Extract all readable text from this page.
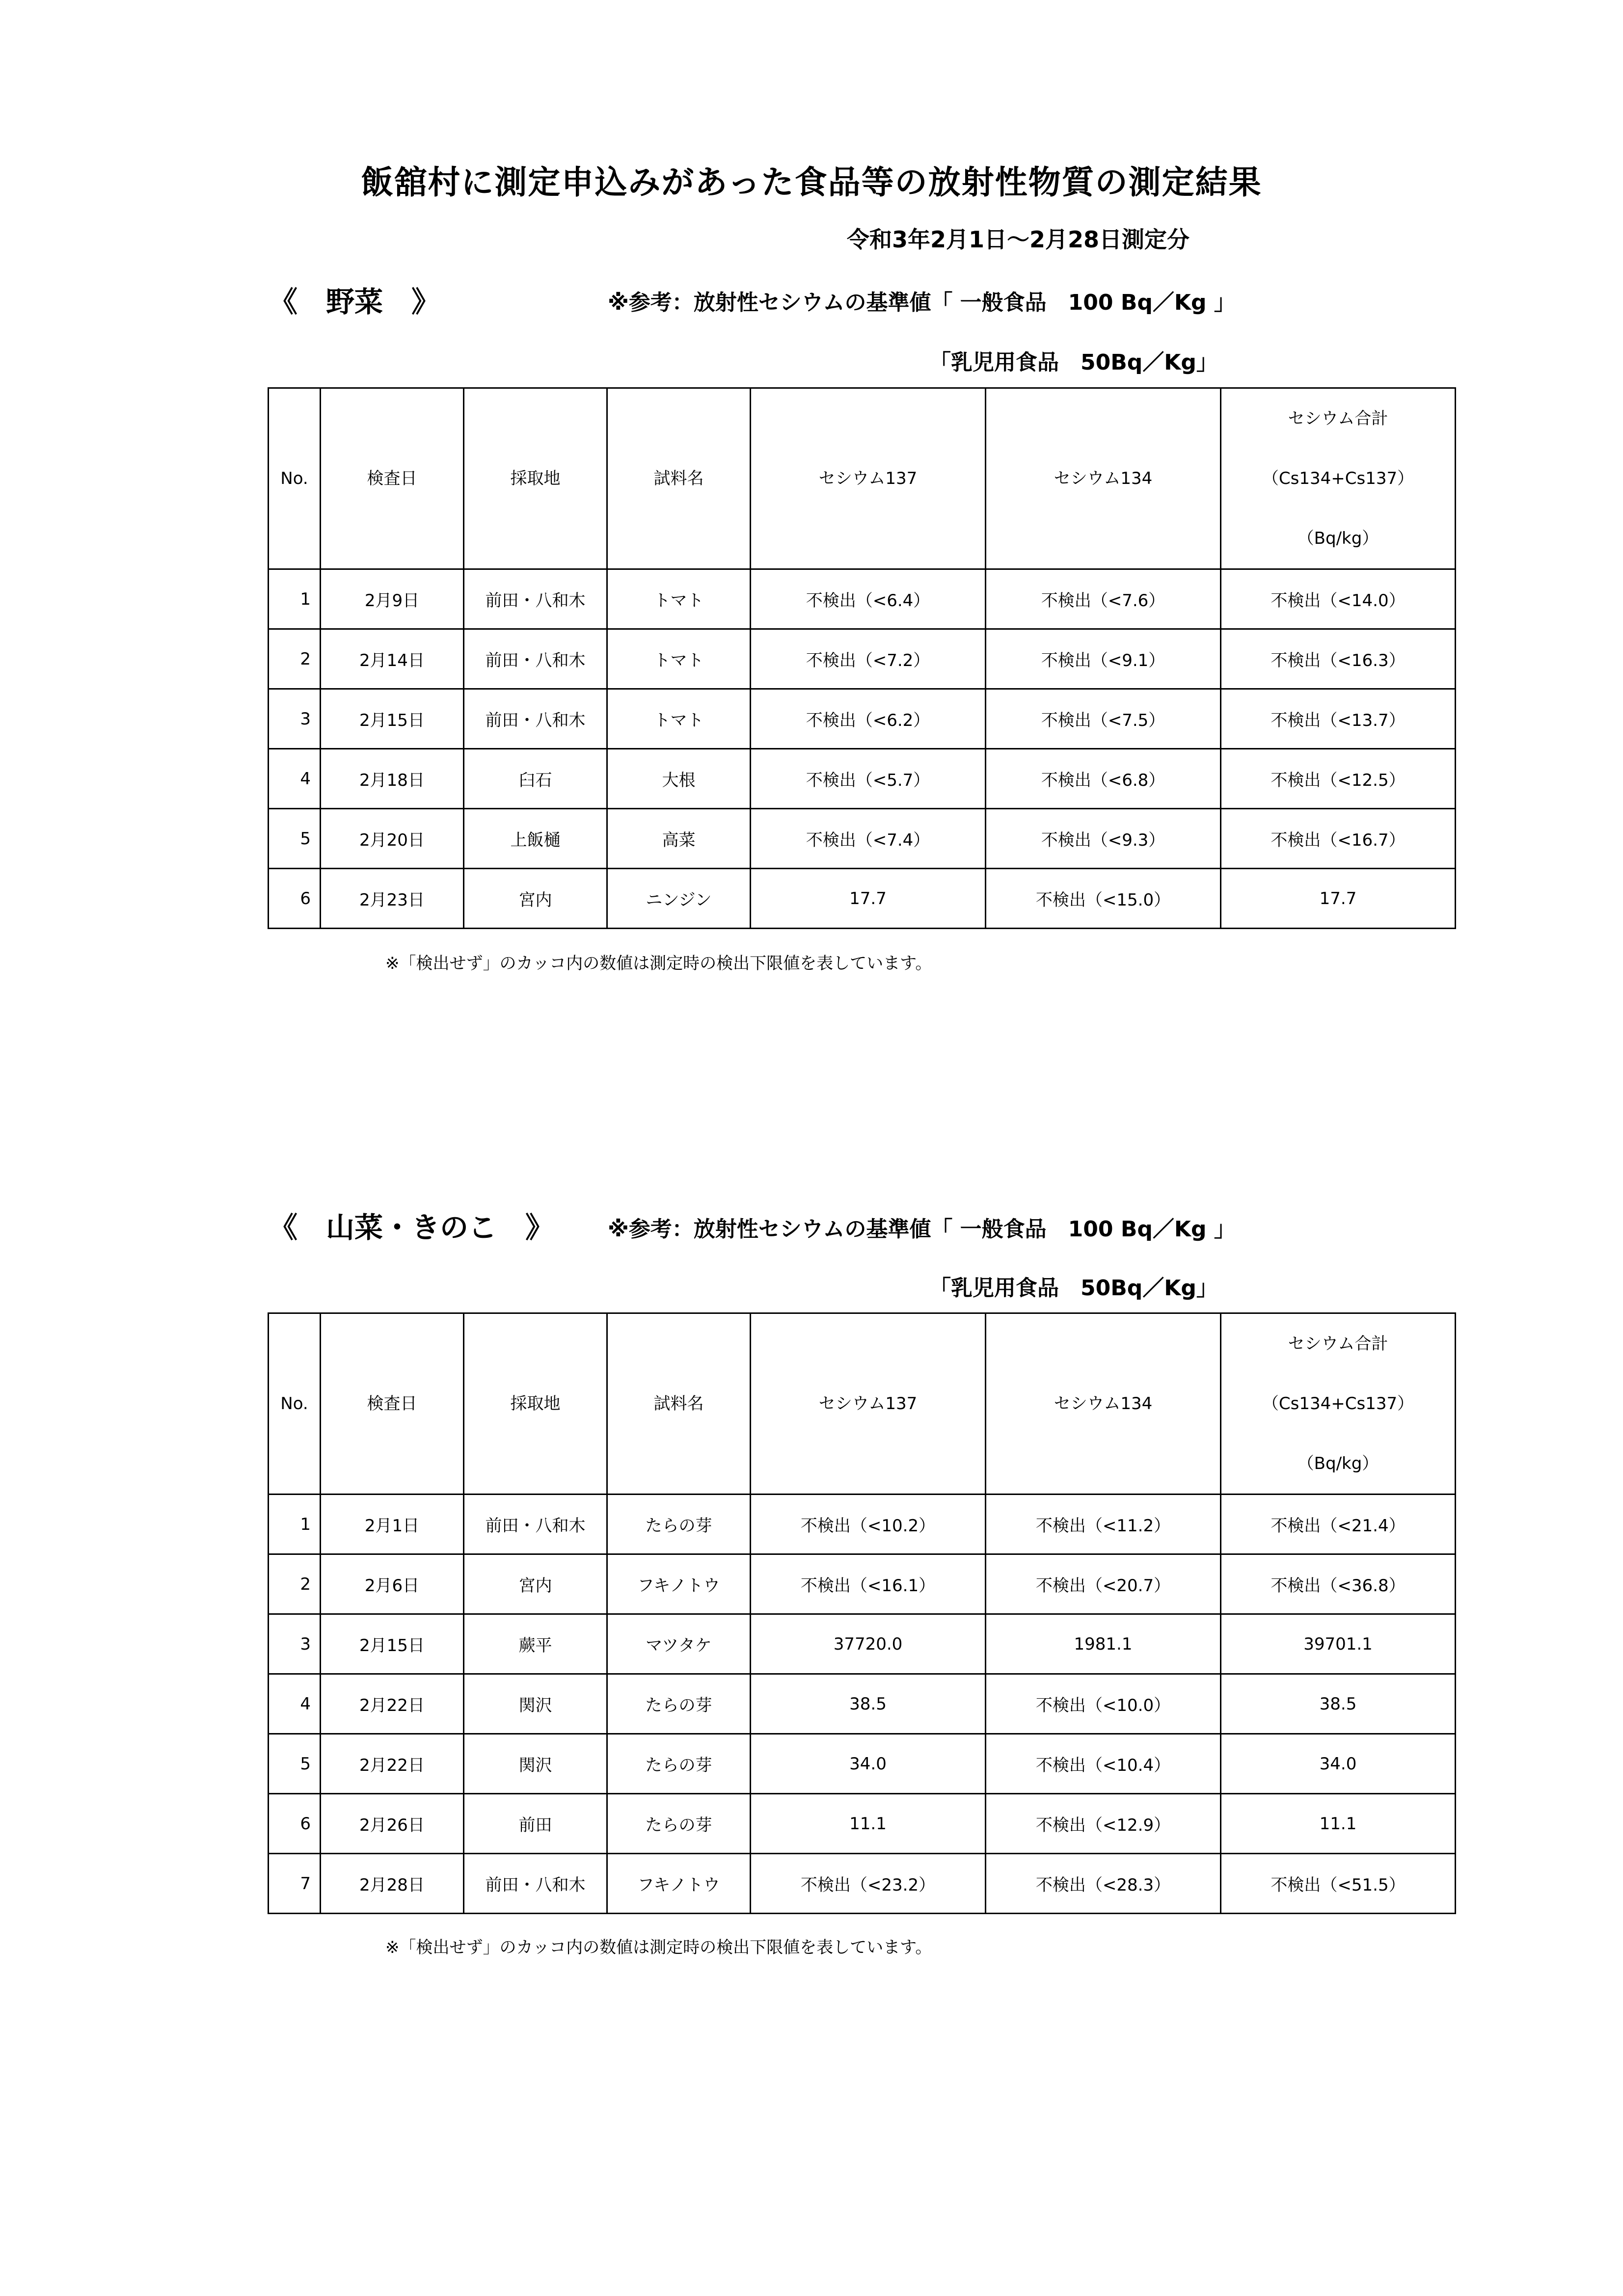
飯舘村に測定申込みがあった食品等の放射性物質の測定結果
令和3年2月1日～2月28日測定分
《　野菜　》	※参考：放射性セシウムの基準値「 一般食品　100 Bq／Kg 」
「乳児用食品　50Bq／Kg」
No.	検査日	採取地	試料名	セシウム137	セシウム134	セシウム合計
（Cs134+Cs137）
（Bq/kg）

1	2月9日	前田・八和木	トマト	不検出（<6.4）	不検出（<7.6）	不検出（<14.0）
2	2月14日	前田・八和木	トマト	不検出（<7.2）	不検出（<9.1）	不検出（<16.3）
3	2月15日	前田・八和木	トマト	不検出（<6.2）	不検出（<7.5）	不検出（<13.7）
4	2月18日	臼石	大根	不検出（<5.7）	不検出（<6.8）	不検出（<12.5）
5	2月20日	上飯樋	高菜	不検出（<7.4）	不検出（<9.3）	不検出（<16.7）
6	2月23日	宮内	ニンジン	17.7	不検出（<15.0）	17.7
※「検出せず」のカッコ内の数値は測定時の検出下限値を表しています。
《　山菜・きのこ　》 ※参考：放射性セシウムの基準値「 一般食品　100 Bq／Kg 」
「乳児用食品　50Bq／Kg」
No.	検査日	採取地	試料名	セシウム137	セシウム134	セシウム合計
（Cs134+Cs137）
（Bq/kg）

1	2月1日	前田・八和木	たらの芽	不検出（<10.2）	不検出（<11.2）	不検出（<21.4）
2	2月6日	宮内	フキノトウ	不検出（<16.1）	不検出（<20.7）	不検出（<36.8）
3	2月15日	蕨平	マツタケ	37720.0	1981.1	39701.1
4	2月22日	関沢	たらの芽	38.5	不検出（<10.0）	38.5
5	2月22日	関沢	たらの芽	34.0	不検出（<10.4）	34.0
6	2月26日	前田	たらの芽	11.1	不検出（<12.9）	11.1
7	2月28日	前田・八和木	フキノトウ	不検出（<23.2）	不検出（<28.3）	不検出（<51.5）
※「検出せず」のカッコ内の数値は測定時の検出下限値を表しています。
